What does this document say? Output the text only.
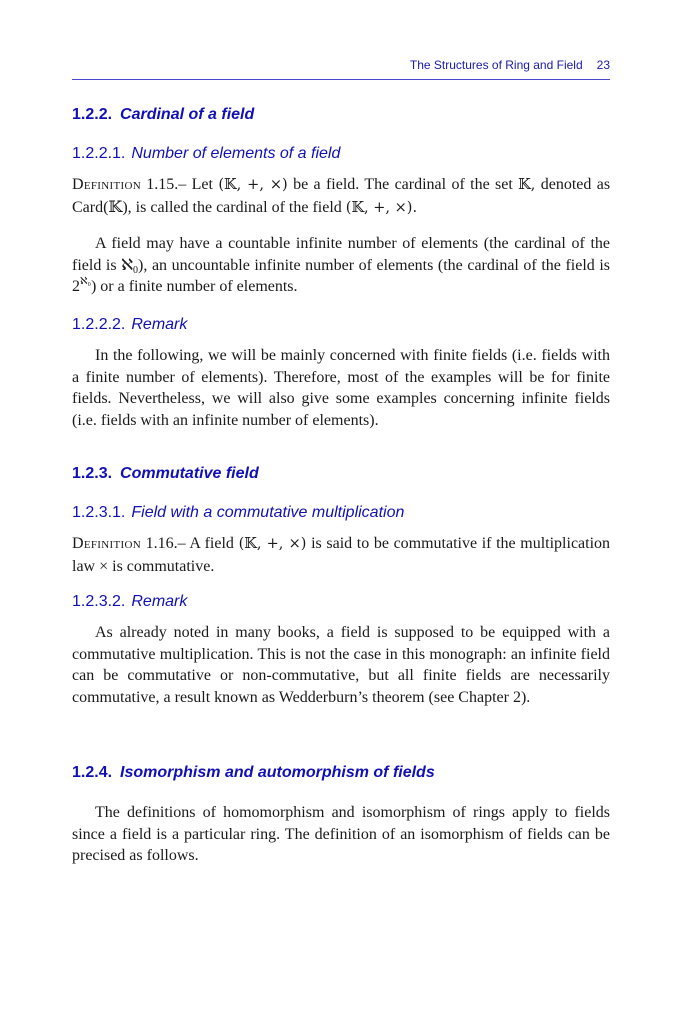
The Structures of Ring and Field 23
1.2.2. Cardinal of a field
1.2.2.1. Number of elements of a field
Definition 1.15.– Let (𝕂, +, ×) be a field. The cardinal of the set 𝕂, denoted as Card(𝕂), is called the cardinal of the field (𝕂, +, ×).
A field may have a countable infinite number of elements (the cardinal of the field is ℵ$_0$), an uncountable infinite number of elements (the cardinal of the field is $2^{ℵ_0}$) or a finite number of elements.
1.2.2.2. Remark
In the following, we will be mainly concerned with finite fields (i.e. fields with a finite number of elements). Therefore, most of the examples will be for finite fields. Nevertheless, we will also give some examples concerning infinite fields (i.e. fields with an infinite number of elements).
1.2.3. Commutative field
1.2.3.1. Field with a commutative multiplication
Definition 1.16.– A field (𝕂, +, ×) is said to be commutative if the multiplication law × is commutative.
1.2.3.2. Remark
As already noted in many books, a field is supposed to be equipped with a commutative multiplication. This is not the case in this monograph: an infinite field can be commutative or non-commutative, but all finite fields are necessarily commutative, a result known as Wedderburn’s theorem (see Chapter 2).
1.2.4. Isomorphism and automorphism of fields
The definitions of homomorphism and isomorphism of rings apply to fields since a field is a particular ring. The definition of an isomorphism of fields can be precised as follows.
